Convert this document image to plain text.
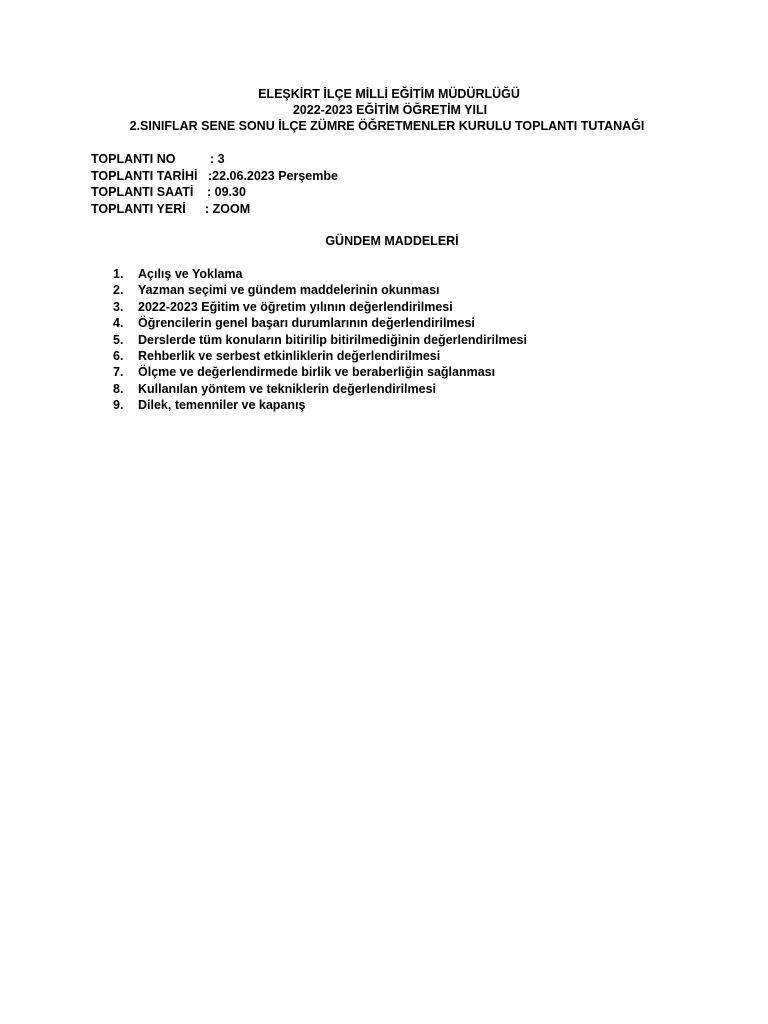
ELEŞKİRT İLÇE MİLLİ EĞİTİM MÜDÜRLÜĞÜ
2022-2023 EĞİTİM ÖĞRETİM YILI
2.SINIFLAR SENE SONU İLÇE ZÜMRE ÖĞRETMENLER KURULU TOPLANTI TUTANAĞI
TOPLANTI NO	: 3
TOPLANTI TARİHİ :22.06.2023 Perşembe
TOPLANTI SAATİ : 09.30
TOPLANTI YERİ : ZOOM
GÜNDEM MADDELERİ
1. Açılış ve Yoklama
2. Yazman seçimi ve gündem maddelerinin okunması
3. 2022-2023 Eğitim ve öğretim yılının değerlendirilmesi
4. Öğrencilerin genel başarı durumlarının değerlendirilmesi
5. Derslerde tüm konuların bitirilip bitirilmediğinin değerlendirilmesi
6. Rehberlik ve serbest etkinliklerin değerlendirilmesi
7. Ölçme ve değerlendirmede birlik ve beraberliğin sağlanması
8. Kullanılan yöntem ve tekniklerin değerlendirilmesi
9. Dilek, temenniler ve kapanış
